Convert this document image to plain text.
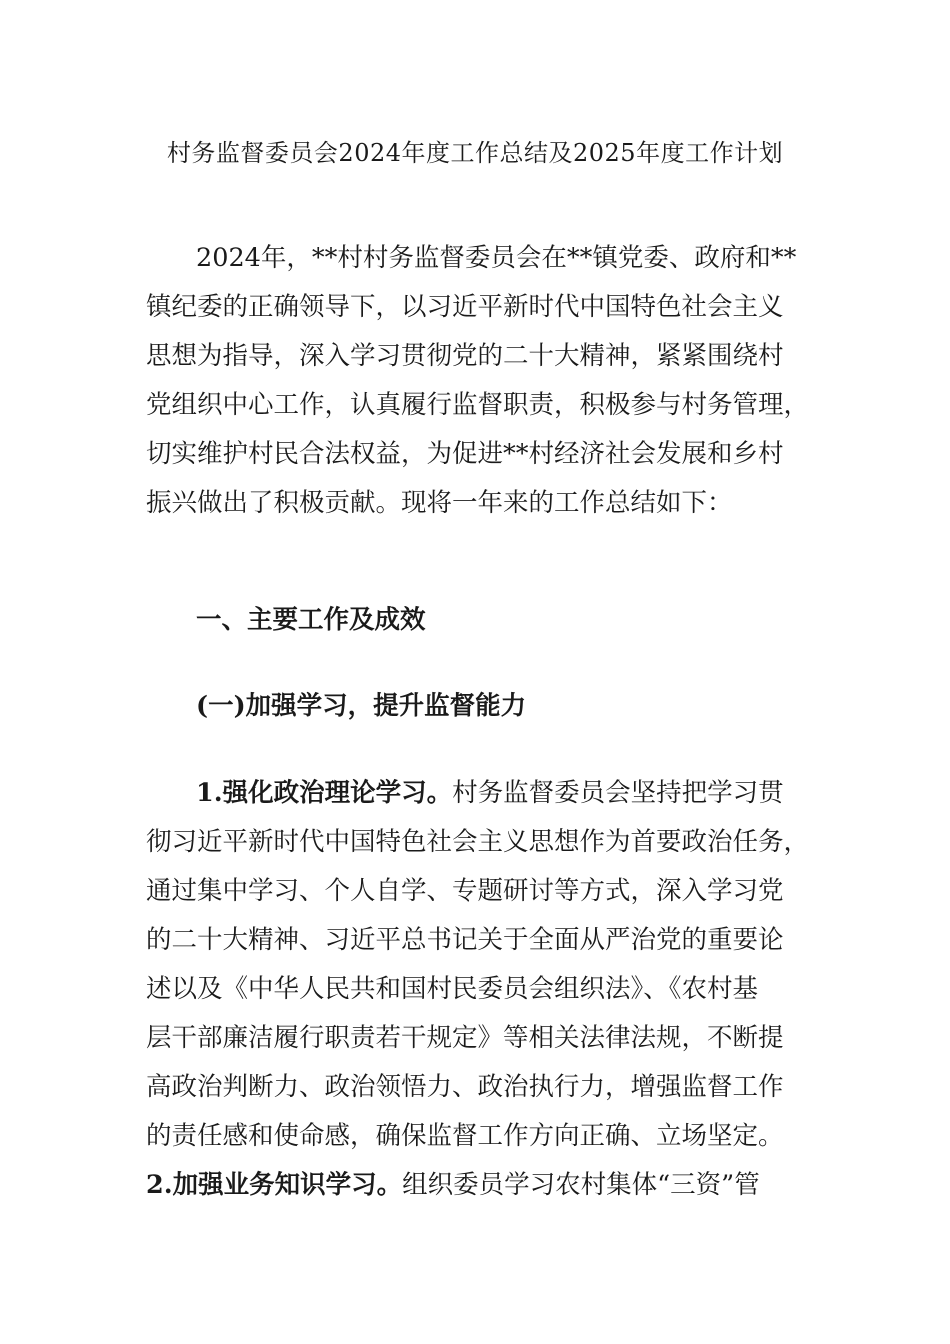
村务监督委员会2024年度工作总结及2025年度工作计划
2024年，**村村务监督委员会在**镇党委、政府和**
镇纪委的正确领导下，以习近平新时代中国特色社会主义
思想为指导，深入学习贯彻党的二十大精神，紧紧围绕村
党组织中心工作，认真履行监督职责，积极参与村务管理，
切实维护村民合法权益，为促进**村经济社会发展和乡村
振兴做出了积极贡献。现将一年来的工作总结如下：
一、主要工作及成效
(一)加强学习，提升监督能力
1.强化政治理论学习。村务监督委员会坚持把学习贯
彻习近平新时代中国特色社会主义思想作为首要政治任务，
通过集中学习、个人自学、专题研讨等方式，深入学习党
的二十大精神、习近平总书记关于全面从严治党的重要论
述以及《中华人民共和国村民委员会组织法》、《农村基
层干部廉洁履行职责若干规定》等相关法律法规，不断提
高政治判断力、政治领悟力、政治执行力，增强监督工作
的责任感和使命感，确保监督工作方向正确、立场坚定。
2.加强业务知识学习。组织委员学习农村集体“三资”管
